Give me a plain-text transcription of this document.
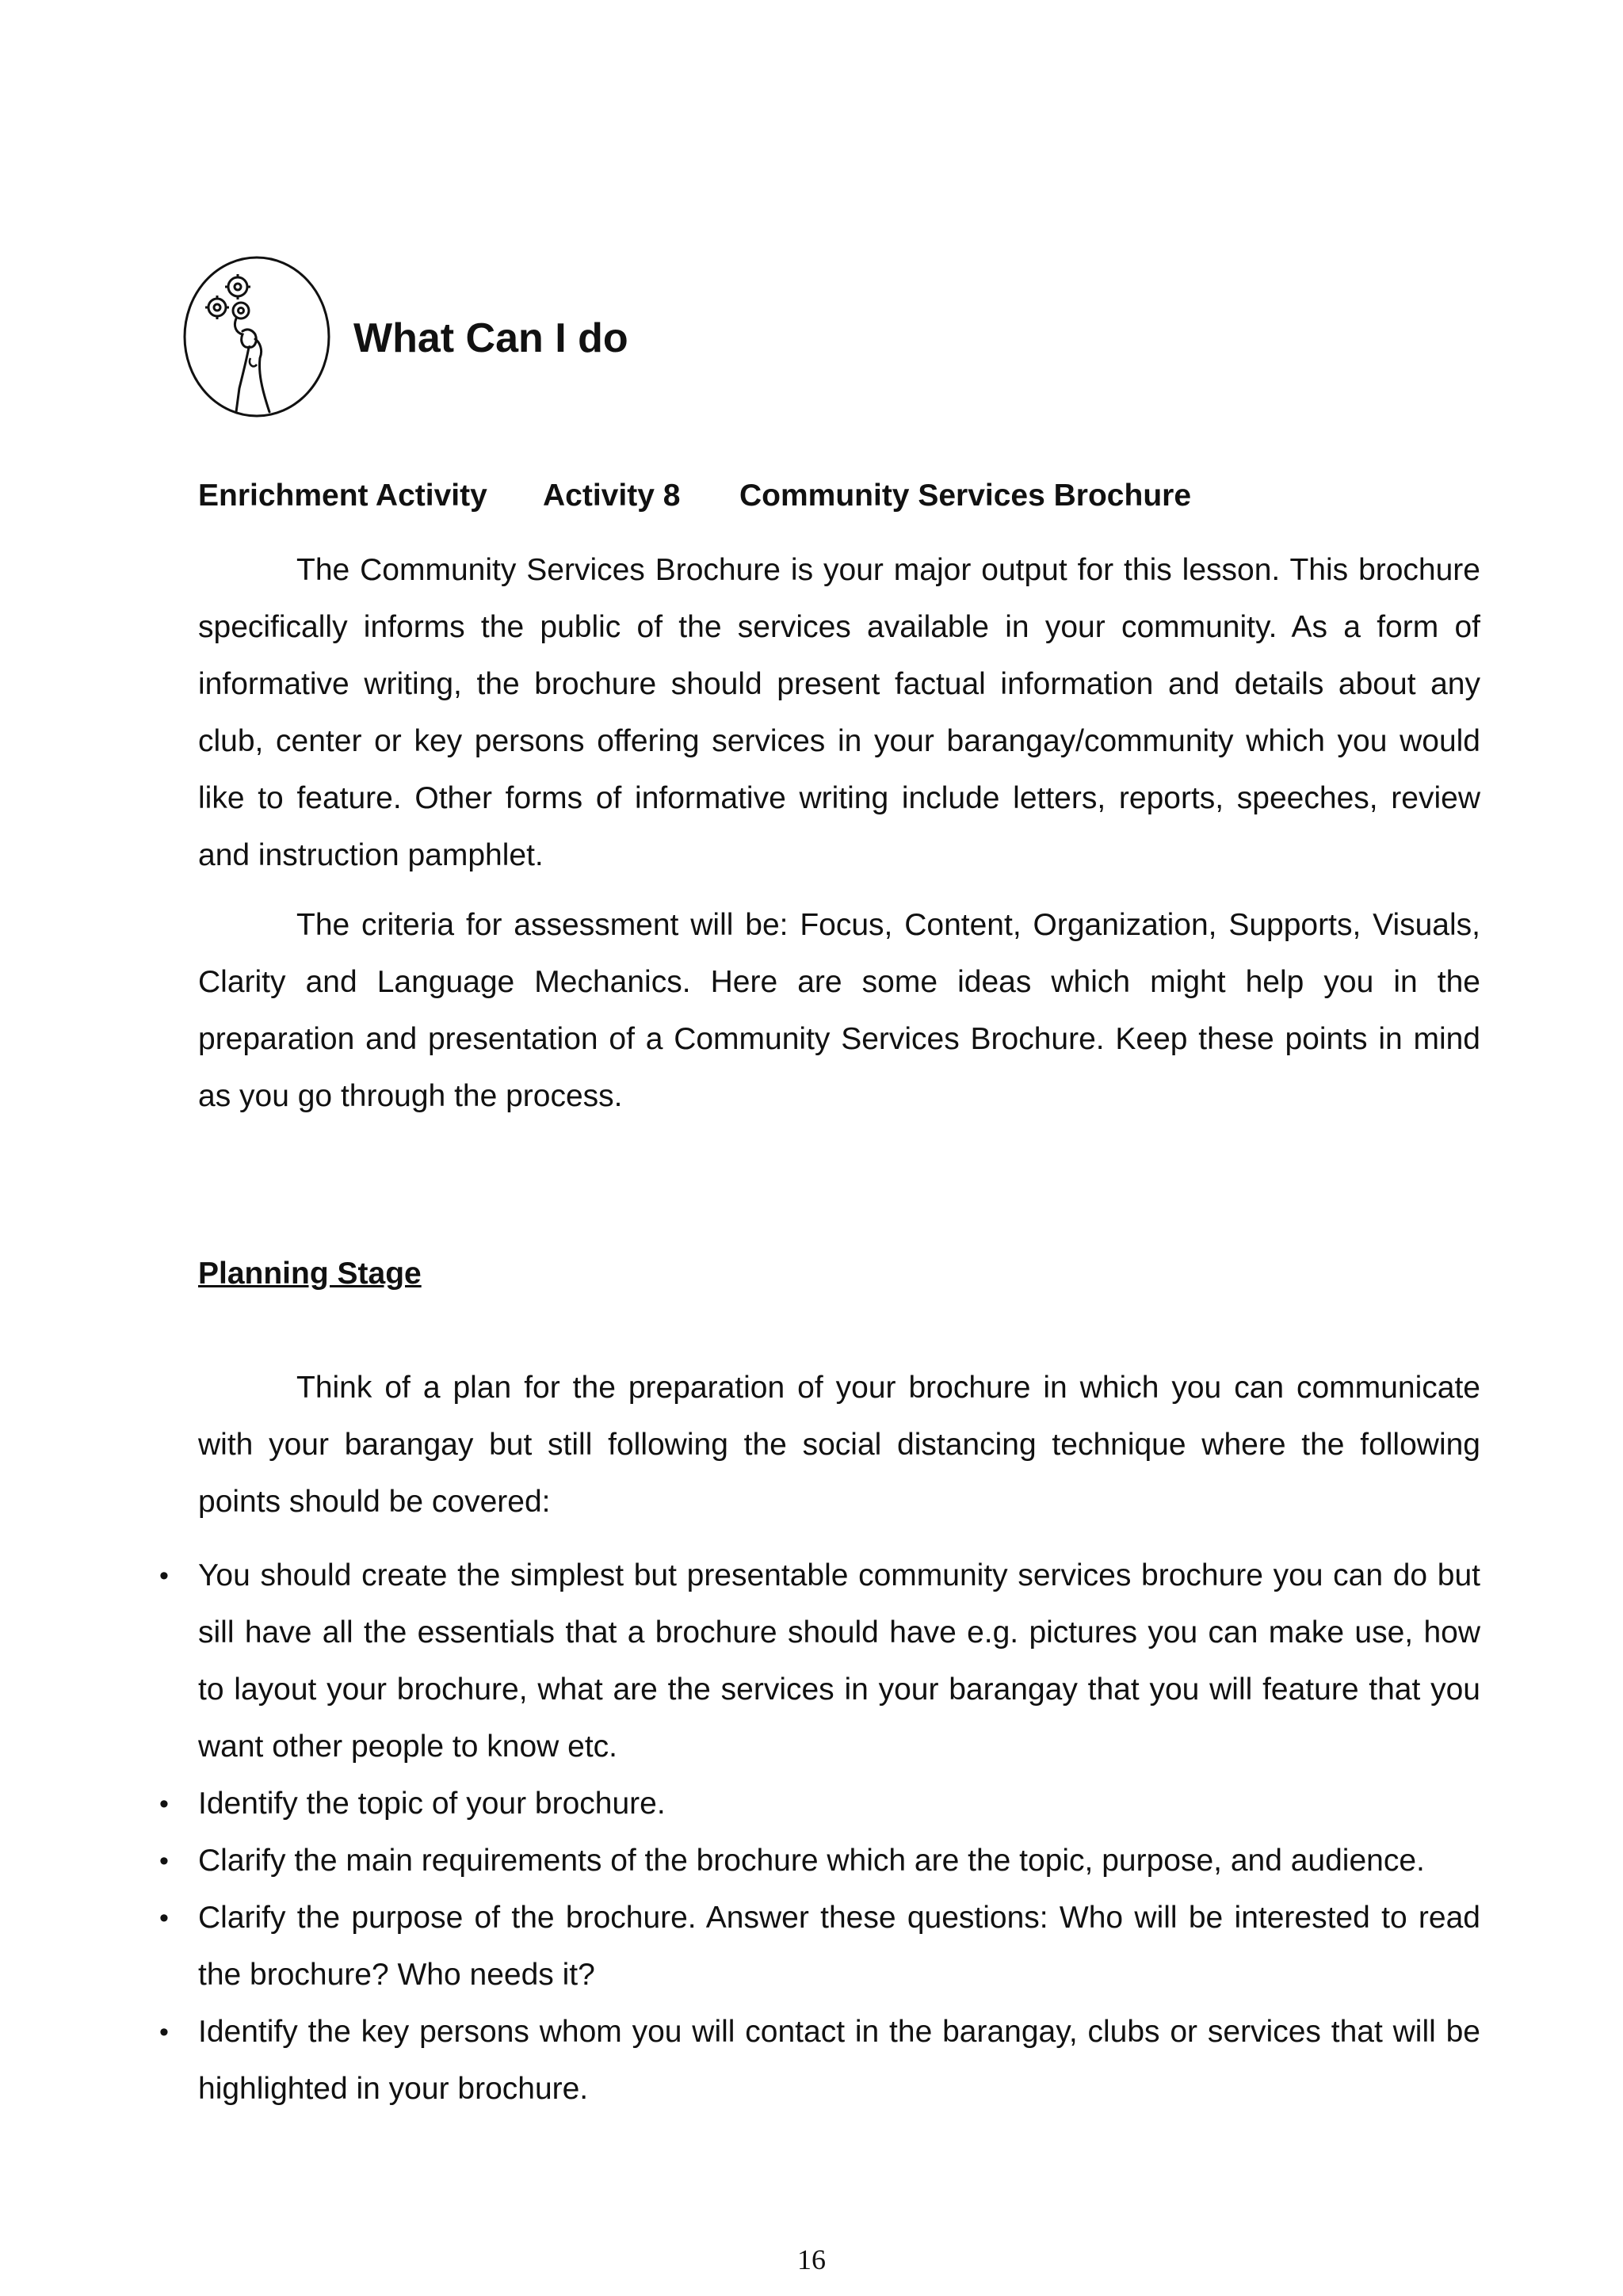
What Can I do
Enrichment Activity Activity 8 Community Services Brochure

The Community Services Brochure is your major output for this lesson. This brochure specifically informs the public of the services available in your community. As a form of informative writing, the brochure should present factual information and details about any club, center or key persons offering services in your barangay/community which you would like to feature. Other forms of informative writing include letters, reports, speeches, review and instruction pamphlet.

The criteria for assessment will be: Focus, Content, Organization, Supports, Visuals, Clarity and Language Mechanics. Here are some ideas which might help you in the preparation and presentation of a Community Services Brochure. Keep these points in mind as you go through the process.

Planning Stage

Think of a plan for the preparation of your brochure in which you can communicate with your barangay but still following the social distancing technique where the following points should be covered:

• You should create the simplest but presentable community services brochure you can do but sill have all the essentials that a brochure should have e.g. pictures you can make use, how to layout your brochure, what are the services in your barangay that you will feature that you want other people to know etc.
• Identify the topic of your brochure.
• Clarify the main requirements of the brochure which are the topic, purpose, and audience.
• Clarify the purpose of the brochure. Answer these questions: Who will be interested to read the brochure? Who needs it?
• Identify the key persons whom you will contact in the barangay, clubs or services that will be highlighted in your brochure.
16
